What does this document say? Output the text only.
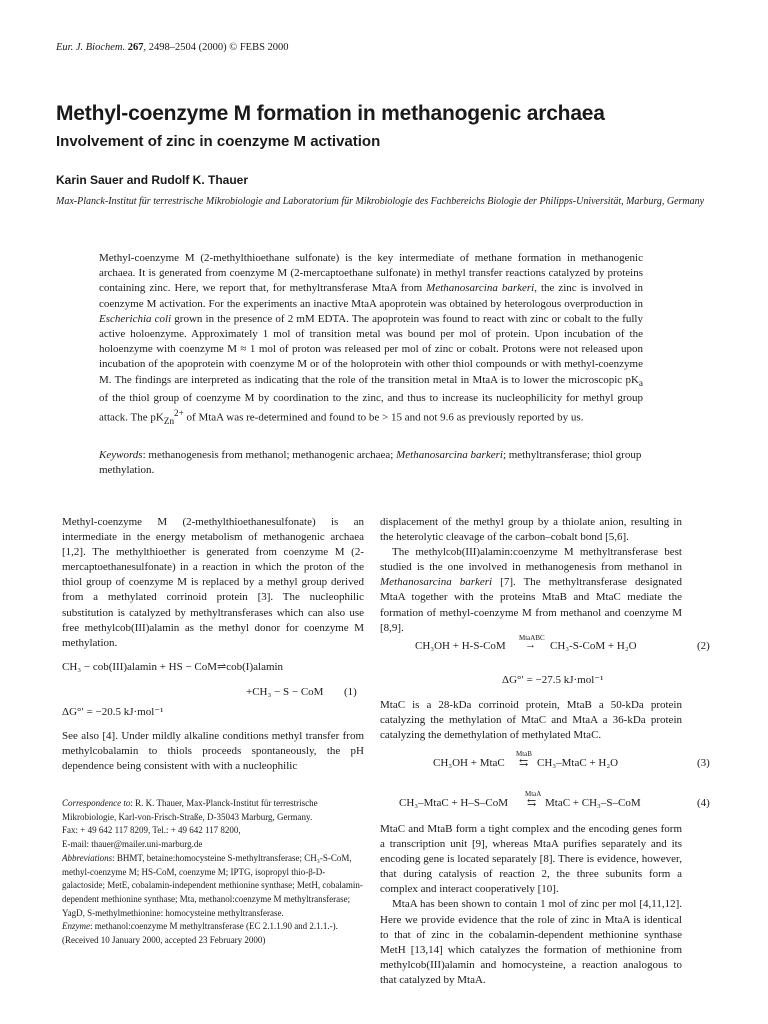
Eur. J. Biochem. 267, 2498–2504 (2000) © FEBS 2000
Methyl-coenzyme M formation in methanogenic archaea
Involvement of zinc in coenzyme M activation
Karin Sauer and Rudolf K. Thauer
Max-Planck-Institut für terrestrische Mikrobiologie and Laboratorium für Mikrobiologie des Fachbereichs Biologie der Philipps-Universität, Marburg, Germany
Methyl-coenzyme M (2-methylthioethane sulfonate) is the key intermediate of methane formation in methanogenic archaea. It is generated from coenzyme M (2-mercaptoethane sulfonate) in methyl transfer reactions catalyzed by proteins containing zinc. Here, we report that, for methyltransferase MtaA from Methanosarcina barkeri, the zinc is involved in coenzyme M activation. For the experiments an inactive MtaA apoprotein was obtained by heterologous overproduction in Escherichia coli grown in the presence of 2 mM EDTA. The apoprotein was found to react with zinc or cobalt to the fully active holoenzyme. Approximately 1 mol of transition metal was bound per mol of protein. Upon incubation of the holoenzyme with coenzyme M ≈ 1 mol of proton was released per mol of zinc or cobalt. Protons were not released upon incubation of the apoprotein with coenzyme M or of the holoprotein with other thiol compounds or with methyl-coenzyme M. The findings are interpreted as indicating that the role of the transition metal in MtaA is to lower the microscopic $pK_a$ of the thiol group of coenzyme M by coordination to the zinc, and thus to increase its nucleophilicity for methyl group attack. The $pK_{Zn}^{2+}$ of MtaA was re-determined and found to be > 15 and not 9.6 as previously reported by us.
Keywords: methanogenesis from methanol; methanogenic archaea; Methanosarcina barkeri; methyltransferase; thiol group methylation.

Methyl-coenzyme M (2-methylthioethanesulfonate) is an intermediate in the energy metabolism of methanogenic archaea [1,2]. The methylthioether is generated from coenzyme M (2-mercaptoethanesulfonate) in a reaction in which the proton of the thiol group of coenzyme M is replaced by a methyl group derived from a methylated corrinoid protein [3]. The nucleophilic substitution is catalyzed by methyltransferases which can also use free methylcob(III)alamin as the methyl donor for coenzyme M methylation.

CH₃ − cob(III)alamin + HS − CoM⇌cob(I)alamin
+CH₃ − S − CoM (1)
ΔG°′ = −20.5 kJ·mol⁻¹

See also [4]. Under mildly alkaline conditions methyl transfer from methylcobalamin to thiols proceeds spontaneously, the pH dependence being consistent with with a nucleophilic

Correspondence to: R. K. Thauer, Max-Planck-Institut für terrestrische Mikrobiologie, Karl-von-Frisch-Straße, D-35043 Marburg, Germany.
Fax: + 49 642 117 8209, Tel.: + 49 642 117 8200,
E-mail: thauer@mailer.uni-marburg.de
Abbreviations: BHMT, betaine:homocysteine S-methyltransferase; CH₃-S-CoM, methyl-coenzyme M; HS-CoM, coenzyme M; IPTG, isopropyl thio-β-D-galactoside; MetE, cobalamin-independent methionine synthase; MetH, cobalamin-dependent methionine synthase; Mta, methanol:coenzyme M methyltransferase; YagD, S-methylmethionine: homocysteine methyltransferase.
Enzyme: methanol:coenzyme M methyltransferase (EC 2.1.1.90 and 2.1.1.-).
(Received 10 January 2000, accepted 23 February 2000)

displacement of the methyl group by a thiolate anion, resulting in the heterolytic cleavage of the carbon–cobalt bond [5,6].

The methylcob(III)alamin:coenzyme M methyltransferase best studied is the one involved in methanogenesis from methanol in Methanosarcina barkeri [7]. The methyltransferase designated MtaA together with the proteins MtaB and MtaC mediate the formation of methyl-coenzyme M from methanol and coenzyme M [8,9].

CH₃OH + H-S-CoM
MtaABC
→ CH₃-S-CoM + H₂O	(2)
ΔG°′ = −27.5 kJ·mol⁻¹

MtaC is a 28-kDa corrinoid protein, MtaB a 50-kDa protein catalyzing the methylation of MtaC and MtaA a 36-kDa protein catalyzing the demethylation of methylated MtaC.

CH₃OH + MtaC
MtaB
⇆ CH₃–MtaC + H₂O	(3)
CH₃–MtaC + H–S–CoM
MtaA
⇆ MtaC + CH₃–S–CoM	(4)

MtaC and MtaB form a tight complex and the encoding genes form a transcription unit [9], whereas MtaA purifies separately and its encoding gene is located separately [8]. There is evidence, however, that during catalysis of reaction 2, the three subunits form a complex and interact cooperatively [10].

MtaA has been shown to contain 1 mol of zinc per mol [4,11,12]. Here we provide evidence that the role of zinc in MtaA is identical to that of zinc in the cobalamin-dependent methionine synthase MetH [13,14] which catalyzes the formation of methionine from methylcob(III)alamin and homocysteine, a reaction analogous to that catalyzed by MtaA.
